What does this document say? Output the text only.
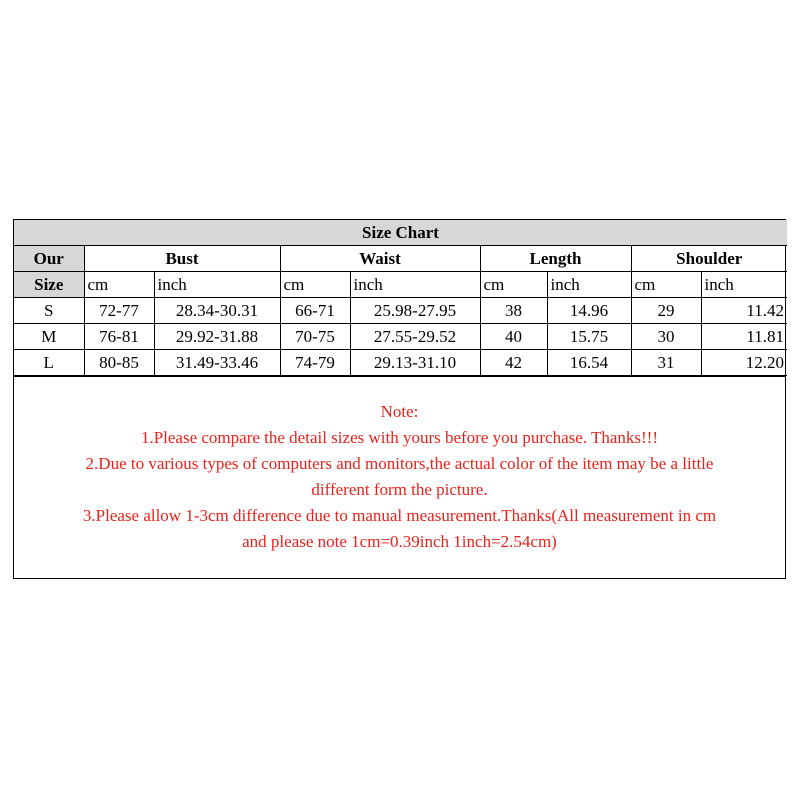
Size Chart								
Our	Bust		Waist		Length		Shoulder	
Size	cm	inch	cm	inch	cm	inch	cm	inch
S	72-77	28.34-30.31	66-71	25.98-27.95	38	14.96	29	11.42
M	76-81	29.92-31.88	70-75	27.55-29.52	40	15.75	30	11.81
L	80-85	31.49-33.46	74-79	29.13-31.10	42	16.54	31	12.20
Note:
1.Please compare the detail sizes with yours before you purchase. Thanks!!!
2.Due to various types of computers and monitors,the actual color of the item may be a little
different form the picture.
3.Please allow 1-3cm difference due to manual measurement.Thanks(All measurement in cm
and please note 1cm=0.39inch 1inch=2.54cm)
